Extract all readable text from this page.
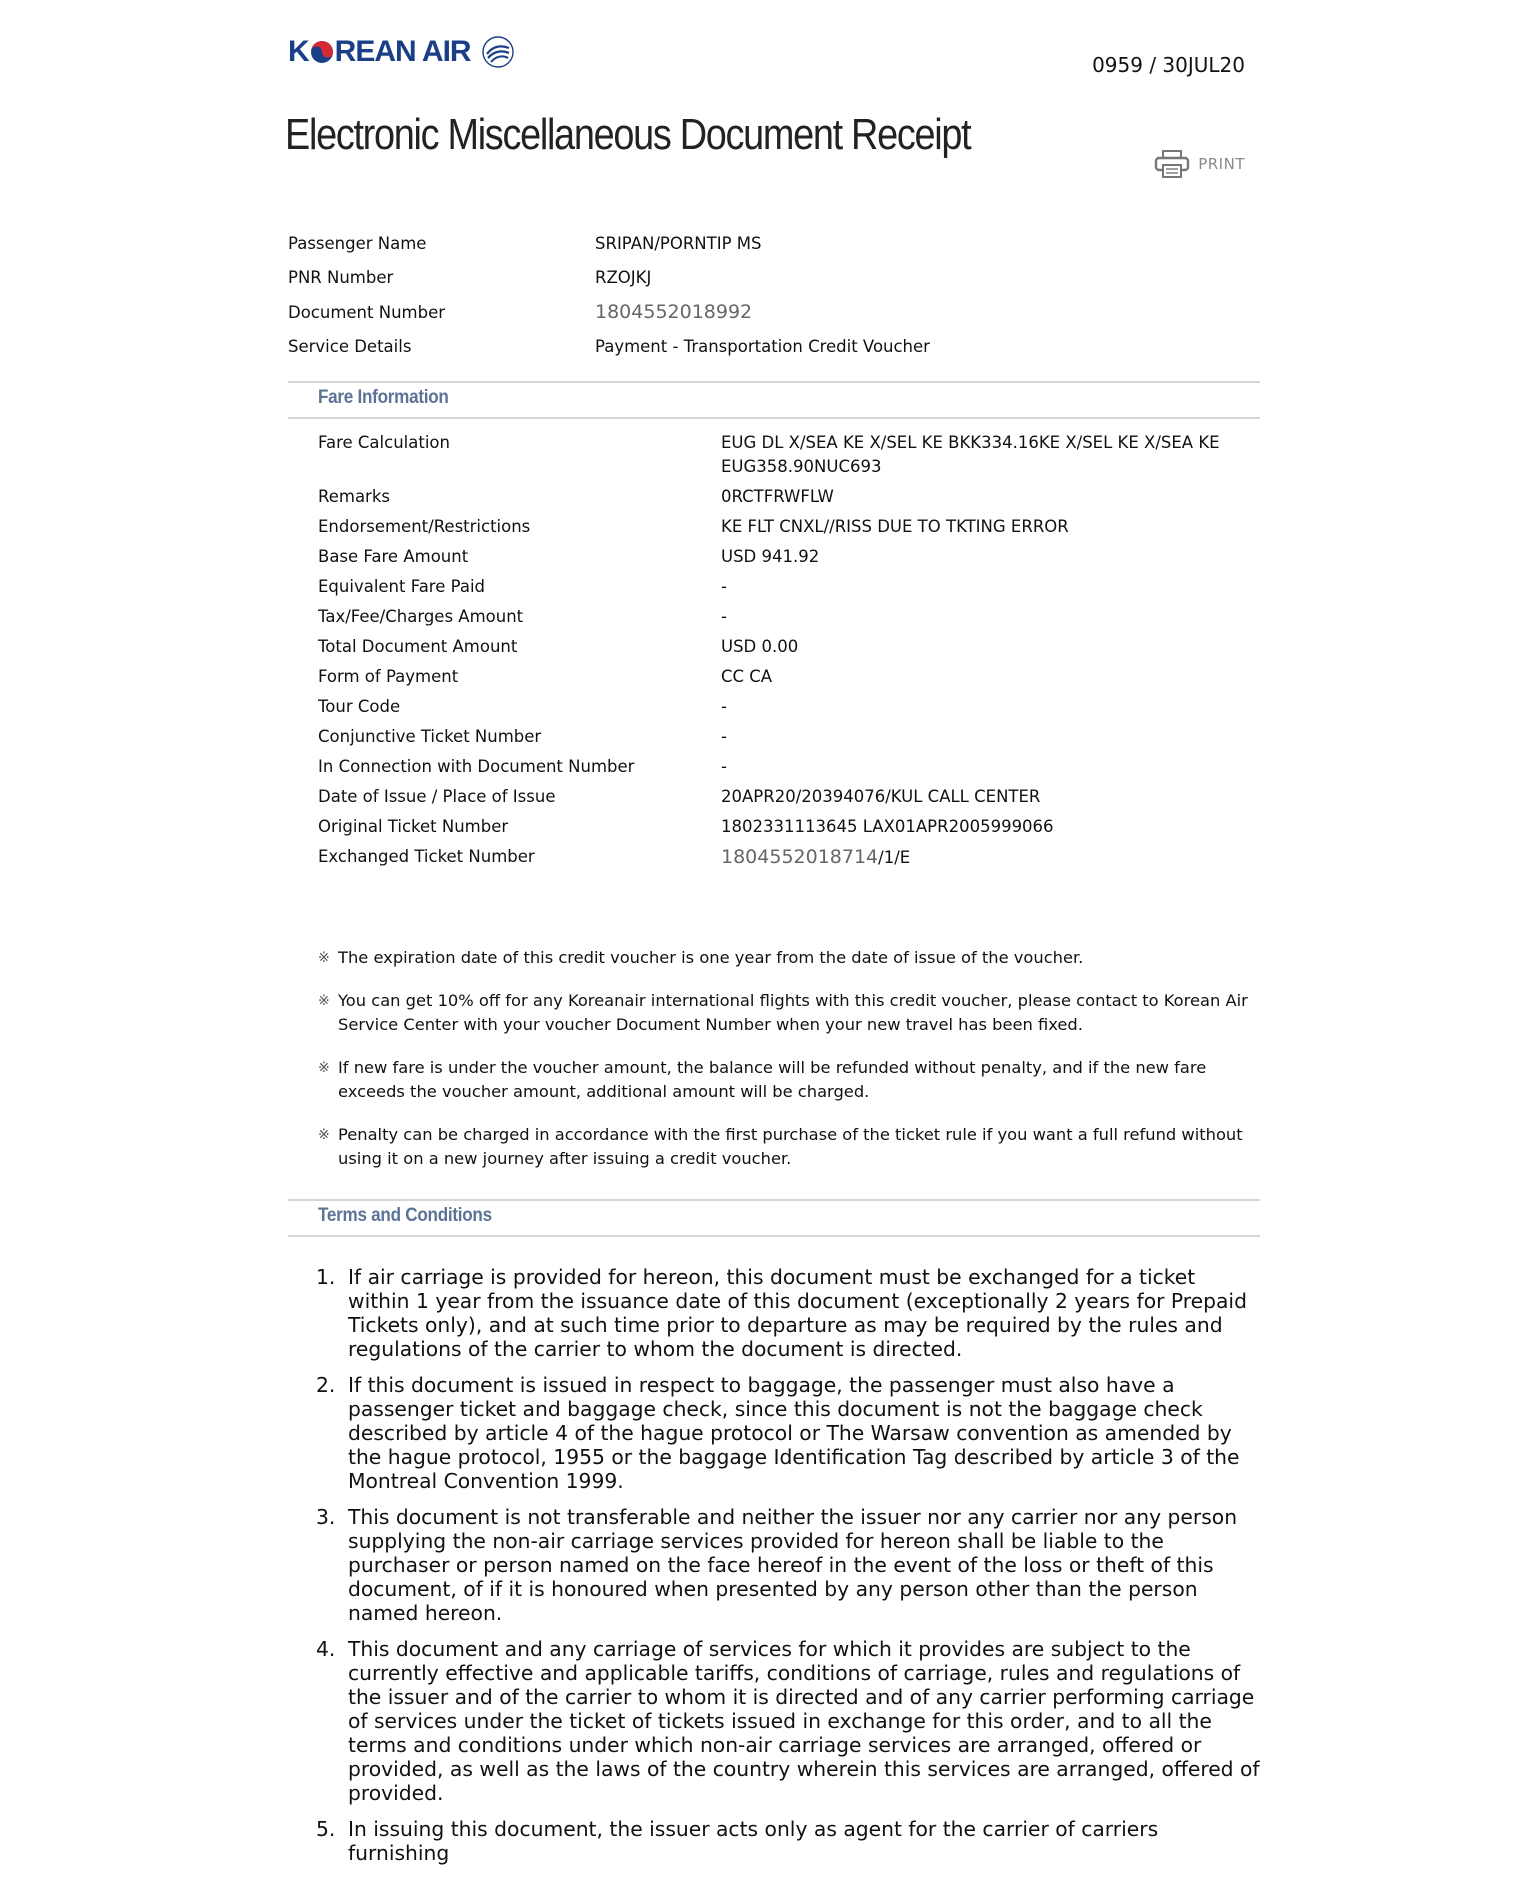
K REAN AIR	0959 / 30JUL20
Electronic Miscellaneous Document Receipt
PRINT
Passenger Name	SRIPAN/PORNTIP MS
PNR Number	RZOJKJ
Document Number	1804552018992
Service Details	Payment - Transportation Credit Voucher
Fare Information
Fare Calculation	EUG DL X/SEA KE X/SEL KE BKK334.16KE X/SEL KE X/SEA KE EUG358.90NUC693
Remarks	0RCTFRWFLW
Endorsement/Restrictions	KE FLT CNXL//RISS DUE TO TKTING ERROR
Base Fare Amount	USD 941.92
Equivalent Fare Paid	-
Tax/Fee/Charges Amount	-
Total Document Amount	USD 0.00
Form of Payment	CC CA
Tour Code	-
Conjunctive Ticket Number	-
In Connection with Document Number	-
Date of Issue / Place of Issue	20APR20/20394076/KUL CALL CENTER
Original Ticket Number	1802331113645 LAX01APR2005999066
Exchanged Ticket Number	1804552018714/1/E
※ The expiration date of this credit voucher is one year from the date of issue of the voucher.
※ You can get 10% off for any Koreanair international flights with this credit voucher, please contact to Korean Air Service Center with your voucher Document Number when your new travel has been fixed.
※ If new fare is under the voucher amount, the balance will be refunded without penalty, and if the new fare exceeds the voucher amount, additional amount will be charged.
※ Penalty can be charged in accordance with the first purchase of the ticket rule if you want a full refund without using it on a new journey after issuing a credit voucher.
Terms and Conditions
1. If air carriage is provided for hereon, this document must be exchanged for a ticket within 1 year from the issuance date of this document (exceptionally 2 years for Prepaid Tickets only), and at such time prior to departure as may be required by the rules and regulations of the carrier to whom the document is directed.
2. If this document is issued in respect to baggage, the passenger must also have a passenger ticket and baggage check, since this document is not the baggage check described by article 4 of the hague protocol or The Warsaw convention as amended by the hague protocol, 1955 or the baggage Identification Tag described by article 3 of the Montreal Convention 1999.
3. This document is not transferable and neither the issuer nor any carrier nor any person supplying the non-air carriage services provided for hereon shall be liable to the purchaser or person named on the face hereof in the event of the loss or theft of this document, of if it is honoured when presented by any person other than the person named hereon.
4. This document and any carriage of services for which it provides are subject to the currently effective and applicable tariffs, conditions of carriage, rules and regulations of the issuer and of the carrier to whom it is directed and of any carrier performing carriage of services under the ticket of tickets issued in exchange for this order, and to all the terms and conditions under which non-air carriage services are arranged, offered or provided, as well as the laws of the country wherein this services are arranged, offered of provided.
5. In issuing this document, the issuer acts only as agent for the carrier of carriers furnishing
